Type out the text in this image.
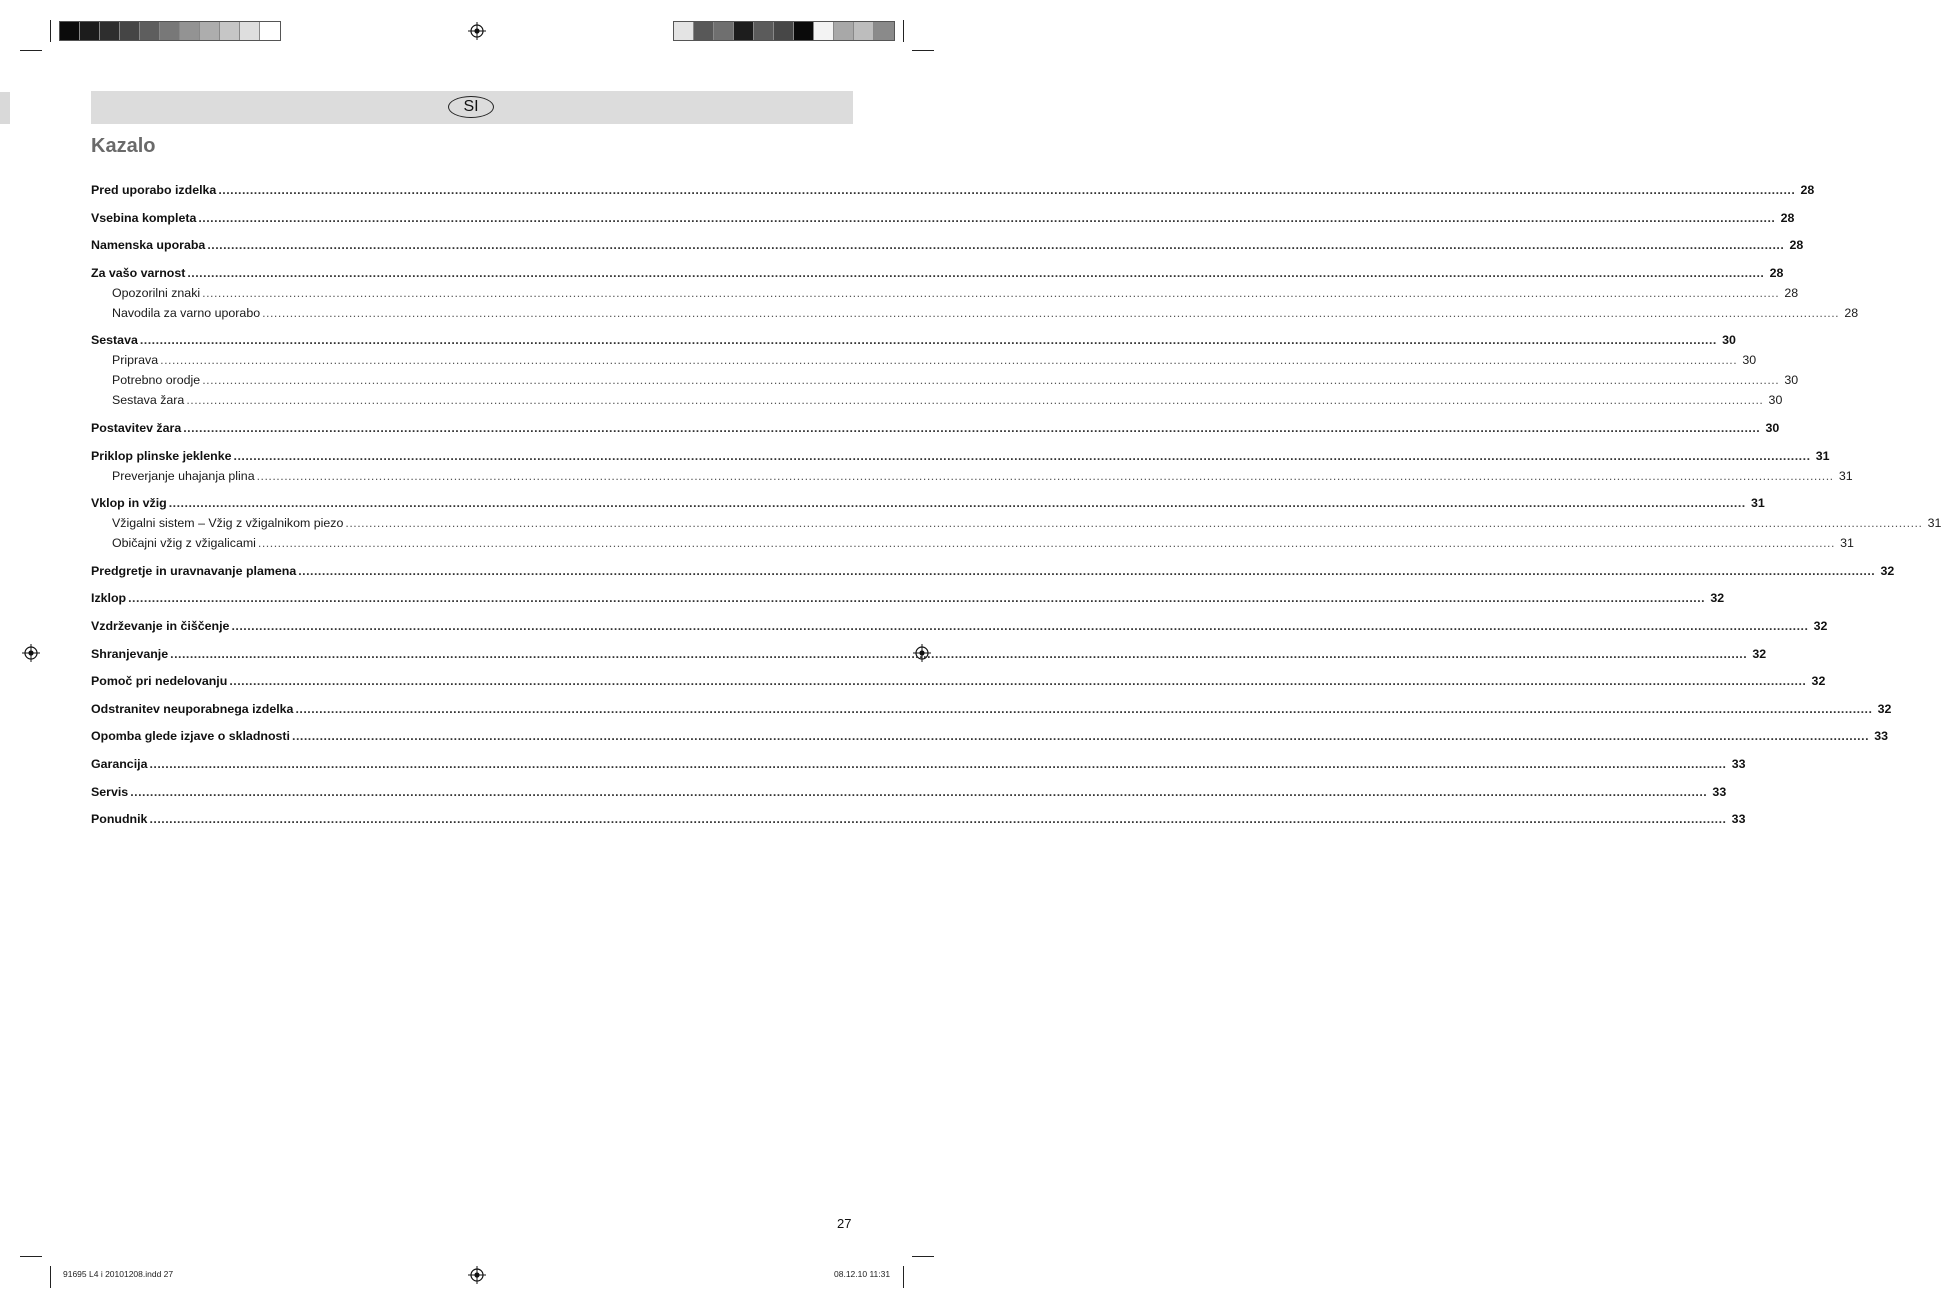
SI
Kazalo
Pred uporabo izdelka ................................................................................................................................................................................................................................................................................................................................................................................................................ 28
Vsebina kompleta ................................................................................................................................................................................................................................................................................................................................................................................................................ 28
Namenska uporaba ................................................................................................................................................................................................................................................................................................................................................................................................................ 28
Za vašo varnost ................................................................................................................................................................................................................................................................................................................................................................................................................ 28
Opozorilni znaki ................................................................................................................................................................................................................................................................................................................................................................................................................ 28
Navodila za varno uporabo ................................................................................................................................................................................................................................................................................................................................................................................................................ 28
Sestava ................................................................................................................................................................................................................................................................................................................................................................................................................ 30
Priprava ................................................................................................................................................................................................................................................................................................................................................................................................................ 30
Potrebno orodje ................................................................................................................................................................................................................................................................................................................................................................................................................ 30
Sestava žara ................................................................................................................................................................................................................................................................................................................................................................................................................ 30
Postavitev žara ................................................................................................................................................................................................................................................................................................................................................................................................................ 30
Priklop plinske jeklenke ................................................................................................................................................................................................................................................................................................................................................................................................................ 31
Preverjanje uhajanja plina ................................................................................................................................................................................................................................................................................................................................................................................................................ 31
Vklop in vžig ................................................................................................................................................................................................................................................................................................................................................................................................................ 31
Vžigalni sistem – Vžig z vžigalnikom piezo ................................................................................................................................................................................................................................................................................................................................................................................................................ 31
Običajni vžig z vžigalicami ................................................................................................................................................................................................................................................................................................................................................................................................................ 31
Predgretje in uravnavanje plamena ................................................................................................................................................................................................................................................................................................................................................................................................................ 32
Izklop ................................................................................................................................................................................................................................................................................................................................................................................................................ 32
Vzdrževanje in čiščenje ................................................................................................................................................................................................................................................................................................................................................................................................................ 32
Shranjevanje ................................................................................................................................................................................................................................................................................................................................................................................................................ 32
Pomoč pri nedelovanju ................................................................................................................................................................................................................................................................................................................................................................................................................ 32
Odstranitev neuporabnega izdelka ................................................................................................................................................................................................................................................................................................................................................................................................................ 32
Opomba glede izjave o skladnosti ................................................................................................................................................................................................................................................................................................................................................................................................................ 33
Garancija ................................................................................................................................................................................................................................................................................................................................................................................................................ 33
Servis ................................................................................................................................................................................................................................................................................................................................................................................................................ 33
Ponudnik ................................................................................................................................................................................................................................................................................................................................................................................................................ 33
27
91695 L4 i 20101208.indd 27	08.12.10 11:31
